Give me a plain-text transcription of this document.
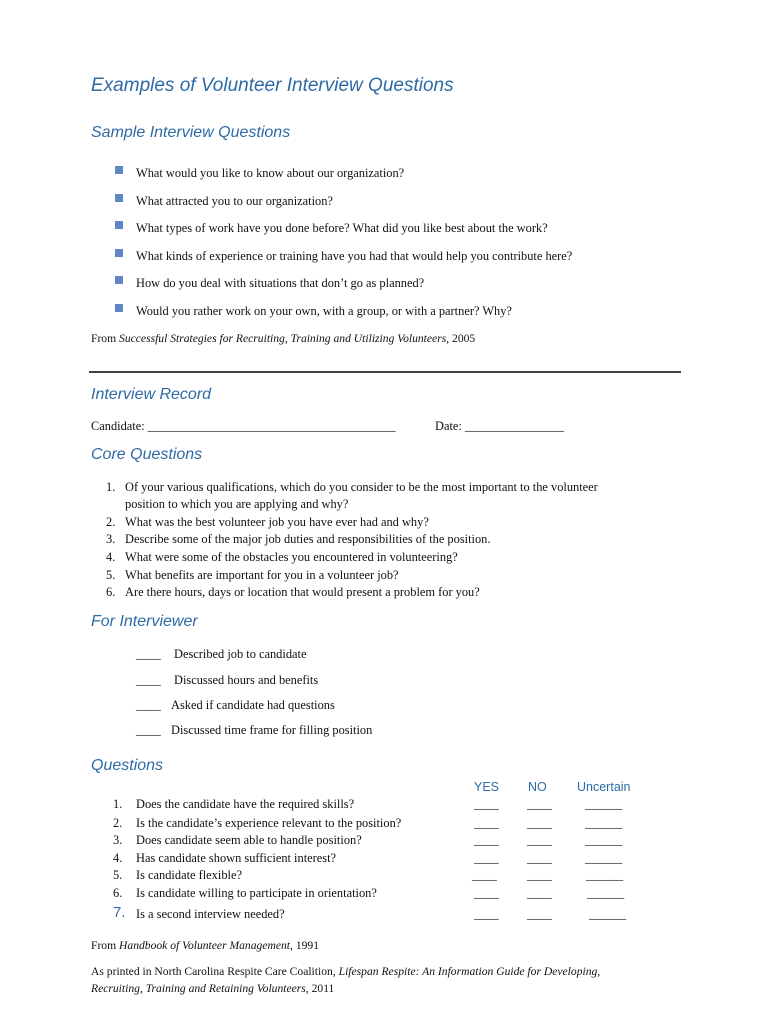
Examples of Volunteer Interview Questions
Sample Interview Questions
What would you like to know about our organization?
What attracted you to our organization?
What types of work have you done before? What did you like best about the work?
What kinds of experience or training have you had that would help you contribute here?
How do you deal with situations that don’t go as planned?
Would you rather work on your own, with a group, or with a partner? Why?
From Successful Strategies for Recruiting, Training and Utilizing Volunteers, 2005
Interview Record
Candidate: ________________________________________	Date: ________________
Core Questions
1. Of your various qualifications, which do you consider to be the most important to the volunteer
position to which you are applying and why?
2. What was the best volunteer job you have ever had and why?
3. Describe some of the major job duties and responsibilities of the position.
4. What were some of the obstacles you encountered in volunteering?
5. What benefits are important for you in a volunteer job?
6. Are there hours, days or location that would present a problem for you?
For Interviewer
____ Described job to candidate
____ Discussed hours and benefits
____ Asked if candidate had questions
____ Discussed time frame for filling position
Questions
YES NO Uncertain
1. Does the candidate have the required skills?	____ ____	______
2. Is the candidate’s experience relevant to the position?	____ ____	______
3. Does candidate seem able to handle position?	____ ____	______
4. Has candidate shown sufficient interest?	____ ____	______
5. Is candidate flexible?	____ ____	______
6. Is candidate willing to participate in orientation?	____ ____	______
7. Is a second interview needed?	____ ____	______
From Handbook of Volunteer Management, 1991
As printed in North Carolina Respite Care Coalition, Lifespan Respite: An Information Guide for Developing,
Recruiting, Training and Retaining Volunteers, 2011
